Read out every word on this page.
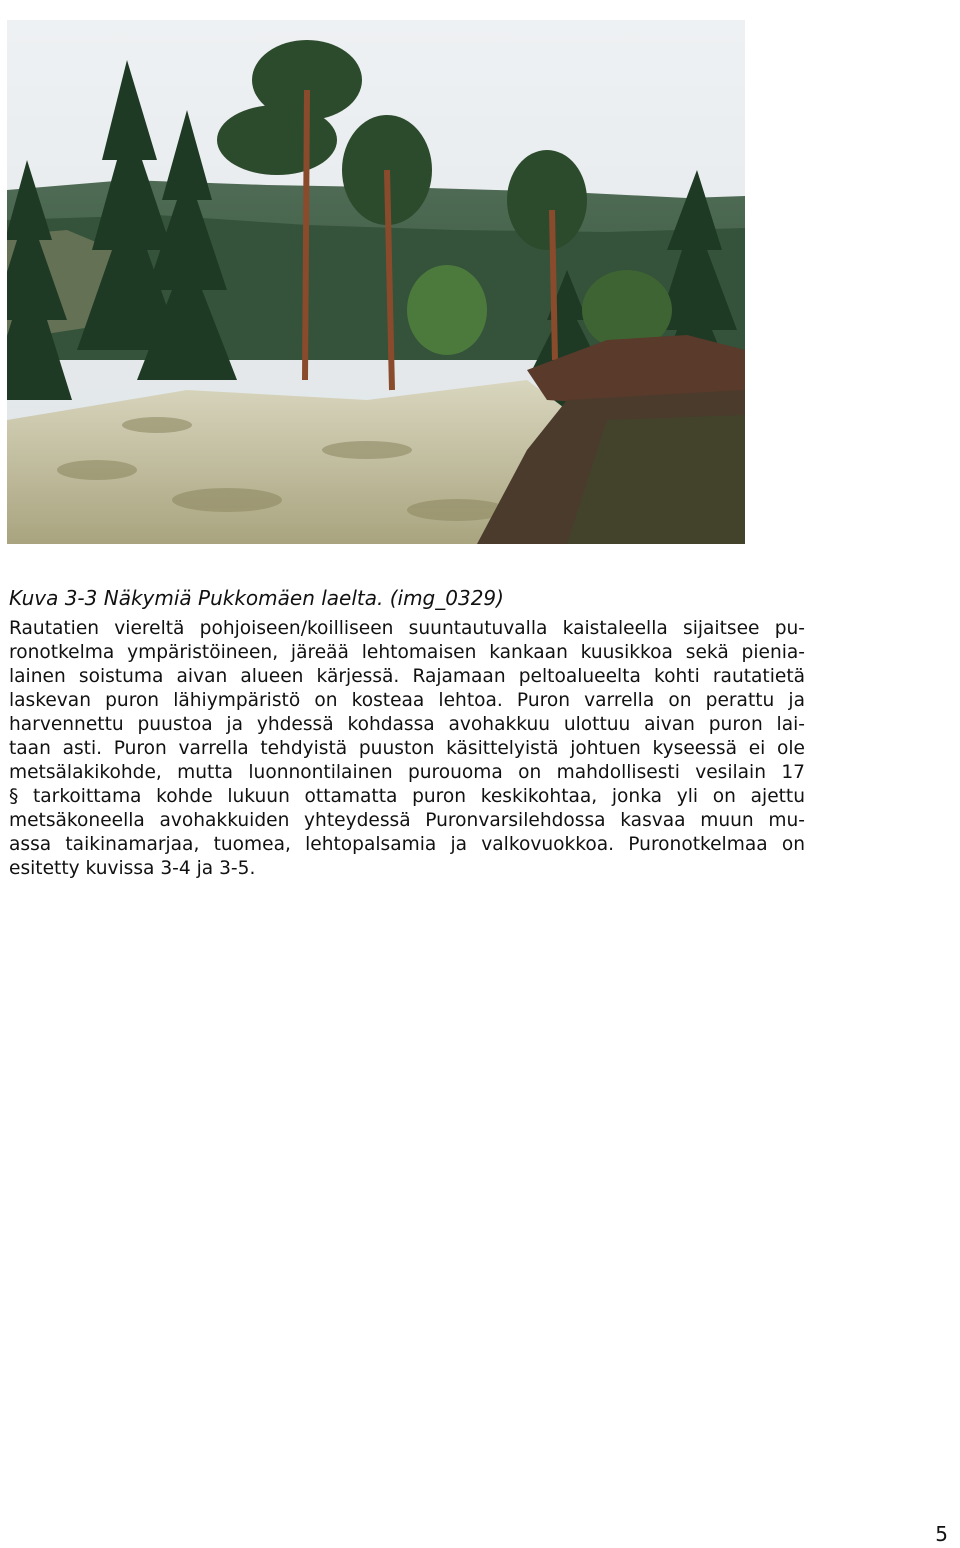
Kuva 3-3 Näkymiä Pukkomäen laelta. (img_0329)

Rautatien viereltä pohjoiseen/koilliseen suuntautuvalla kaistaleella sijaitsee pu-
ronotkelma ympäristöineen, järeää lehtomaisen kankaan kuusikkoa sekä pienia-
lainen soistuma aivan alueen kärjessä. Rajamaan peltoalueelta kohti rautatietä
laskevan puron lähiympäristö on kosteaa lehtoa. Puron varrella on perattu ja
harvennettu puustoa ja yhdessä kohdassa avohakkuu ulottuu aivan puron lai-
taan asti. Puron varrella tehdyistä puuston käsittelyistä johtuen kyseessä ei ole
metsälakikohde, mutta luonnontilainen purouoma on mahdollisesti vesilain 17
§ tarkoittama kohde lukuun ottamatta puron keskikohtaa, jonka yli on ajettu
metsäkoneella avohakkuiden yhteydessä Puronvarsilehdossa kasvaa muun mu-
assa taikinamarjaa, tuomea, lehtopalsamia ja valkovuokkoa. Puronotkelmaa on
esitetty kuvissa 3-4 ja 3-5.
5
